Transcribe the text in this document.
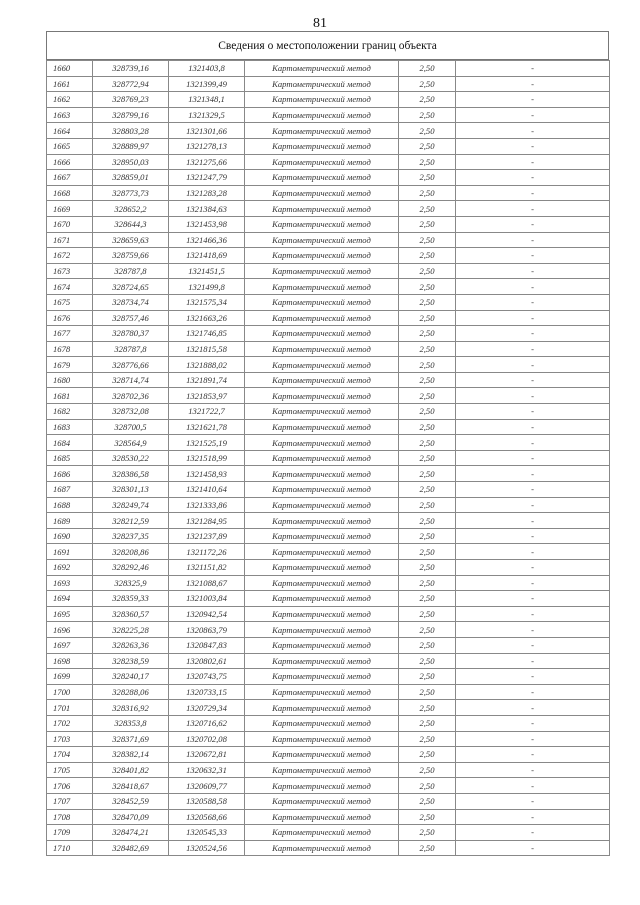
81
Сведения о местоположении границ объекта
1660	328739,16	1321403,8	Картометрический метод	2,50	-
1661	328772,94	1321399,49	Картометрический метод	2,50	-
1662	328769,23	1321348,1	Картометрический метод	2,50	-
1663	328799,16	1321329,5	Картометрический метод	2,50	-
1664	328803,28	1321301,66	Картометрический метод	2,50	-
1665	328889,97	1321278,13	Картометрический метод	2,50	-
1666	328950,03	1321275,66	Картометрический метод	2,50	-
1667	328859,01	1321247,79	Картометрический метод	2,50	-
1668	328773,73	1321283,28	Картометрический метод	2,50	-
1669	328652,2	1321384,63	Картометрический метод	2,50	-
1670	328644,3	1321453,98	Картометрический метод	2,50	-
1671	328659,63	1321466,36	Картометрический метод	2,50	-
1672	328759,66	1321418,69	Картометрический метод	2,50	-
1673	328787,8	1321451,5	Картометрический метод	2,50	-
1674	328724,65	1321499,8	Картометрический метод	2,50	-
1675	328734,74	1321575,34	Картометрический метод	2,50	-
1676	328757,46	1321663,26	Картометрический метод	2,50	-
1677	328780,37	1321746,85	Картометрический метод	2,50	-
1678	328787,8	1321815,58	Картометрический метод	2,50	-
1679	328776,66	1321888,02	Картометрический метод	2,50	-
1680	328714,74	1321891,74	Картометрический метод	2,50	-
1681	328702,36	1321853,97	Картометрический метод	2,50	-
1682	328732,08	1321722,7	Картометрический метод	2,50	-
1683	328700,5	1321621,78	Картометрический метод	2,50	-
1684	328564,9	1321525,19	Картометрический метод	2,50	-
1685	328530,22	1321518,99	Картометрический метод	2,50	-
1686	328386,58	1321458,93	Картометрический метод	2,50	-
1687	328301,13	1321410,64	Картометрический метод	2,50	-
1688	328249,74	1321333,86	Картометрический метод	2,50	-
1689	328212,59	1321284,95	Картометрический метод	2,50	-
1690	328237,35	1321237,89	Картометрический метод	2,50	-
1691	328208,86	1321172,26	Картометрический метод	2,50	-
1692	328292,46	1321151,82	Картометрический метод	2,50	-
1693	328325,9	1321088,67	Картометрический метод	2,50	-
1694	328359,33	1321003,84	Картометрический метод	2,50	-
1695	328360,57	1320942,54	Картометрический метод	2,50	-
1696	328225,28	1320863,79	Картометрический метод	2,50	-
1697	328263,36	1320847,83	Картометрический метод	2,50	-
1698	328238,59	1320802,61	Картометрический метод	2,50	-
1699	328240,17	1320743,75	Картометрический метод	2,50	-
1700	328288,06	1320733,15	Картометрический метод	2,50	-
1701	328316,92	1320729,34	Картометрический метод	2,50	-
1702	328353,8	1320716,62	Картометрический метод	2,50	-
1703	328371,69	1320702,08	Картометрический метод	2,50	-
1704	328382,14	1320672,81	Картометрический метод	2,50	-
1705	328401,82	1320632,31	Картометрический метод	2,50	-
1706	328418,67	1320609,77	Картометрический метод	2,50	-
1707	328452,59	1320588,58	Картометрический метод	2,50	-
1708	328470,09	1320568,66	Картометрический метод	2,50	-
1709	328474,21	1320545,33	Картометрический метод	2,50	-
1710	328482,69	1320524,56	Картометрический метод	2,50	-
